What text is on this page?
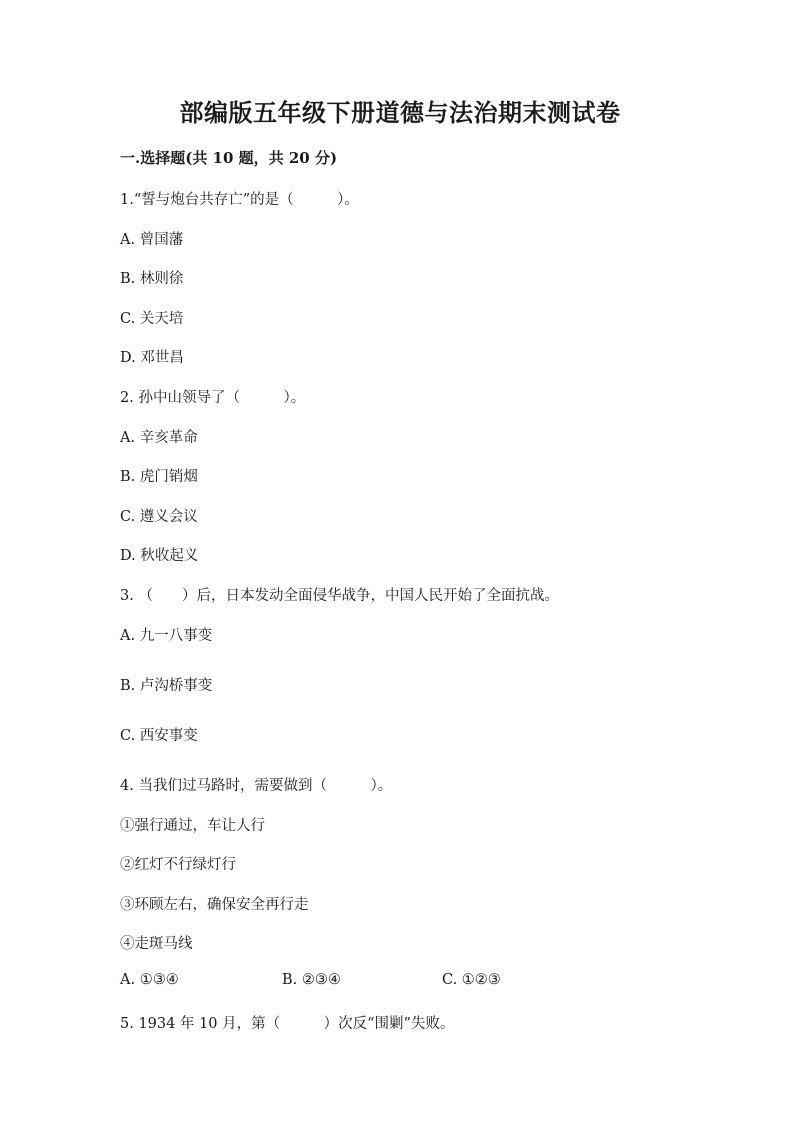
部编版五年级下册道德与法治期末测试卷
一.选择题(共 10 题，共 20 分)
1.“誓与炮台共存亡”的是（　　　）。
A. 曾国藩
B. 林则徐
C. 关天培
D. 邓世昌
2. 孙中山领导了（　　　）。
A. 辛亥革命
B. 虎门销烟
C. 遵义会议
D. 秋收起义
3. （　　）后，日本发动全面侵华战争，中国人民开始了全面抗战。
A. 九一八事变
B. 卢沟桥事变
C. 西安事变
4. 当我们过马路时，需要做到（　　　）。
①强行通过，车让人行
②红灯不行绿灯行
③环顾左右，确保安全再行走
④走斑马线
A. ①③④	B. ②③④	C. ①②③
5. 1934 年 10 月，第（　　　）次反“围剿”失败。
